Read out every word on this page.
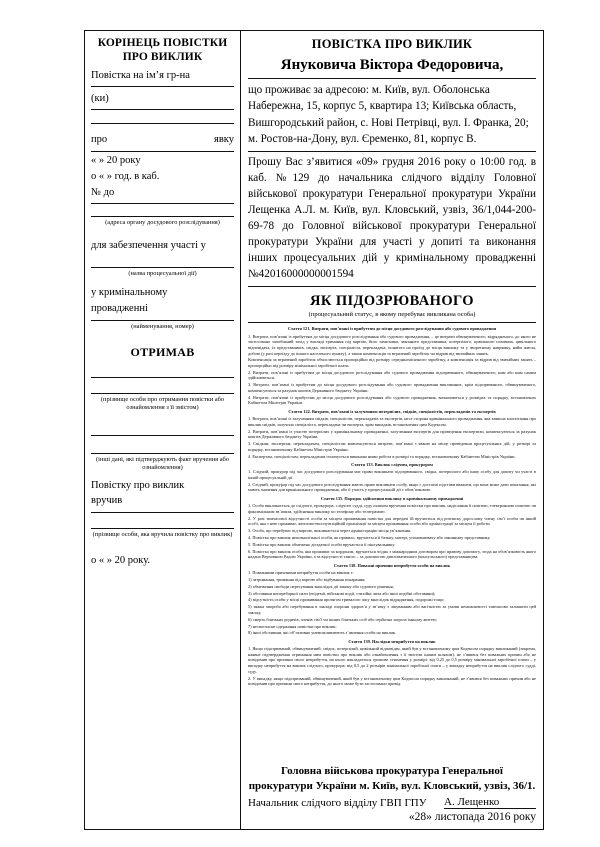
КОРІНЕЦЬ ПОВІСТКИ
ПРО ВИКЛИК
Повістка на ім’я гр-на
(ки)
про	явку
« » 20 року
о « » год. в каб.
№ до
(адреса органу досудового розслідування)
для забезпечення участі у
(назва процесуальної дії)
у кримінальному
провадженні
(найменування, номер)
ОТРИМАВ
(прізвище особи про отримання повістки або ознайомлення з її змістом)
(інші дані, які підтверджують факт вручення або ознайомлення)
Повістку про виклик
вручив
(прізвище особи, яка вручила повістку про виклик)
о « » 20 року.
ПОВІСТКА ПРО ВИКЛИК
Януковича Віктора Федоровича,
що проживає за адресою: м. Київ, вул. Оболонська Набережна, 15, корпус 5, квартира 13; Київська область, Вишгородський район, с. Нові Петрівці, вул. І. Франка, 20; м. Ростов-на-Дону, вул. Єременко, 81, корпус В.
Прошу Вас з’явитися «09» грудня 2016 року о 10:00 год. в каб. №129 до начальника слідчого відділу Головної військової прокуратури Генеральної прокуратури України Лещенка А.Л. м. Київ, вул. Кловський, узвіз, 36/1,044-200-69-78 до Головної військової прокуратури Генеральної прокуратури України для участі у допиті та виконання інших процесуальних дій у кримінальному провадженні №42016000000001594
ЯК ПІДОЗРЮВАНОГО
(процесуальний статус, в якому перебуває викликана особа)

Стаття 121. Витрати, пов’язані із прибуттям до місця досудового розслідування або судового провадження

1. Витрати, пов’язані із прибуттям до місця досудового розслідування або судового провадження, – це витрати обвинуваченого, відрядженого, до якого не застосовано запобіжний захід у вигляді тримання під вартою, його захисника, законного представника, потерпілого, цивільного позивача, цивільного відповідача, їх представників, свідка, експерта, спеціаліста, перекладача, понятого на проїзд до місця виклику та у зворотному напрямку, найм житла, добові (у разі переїзду до іншого населеного пункту), а також компенсація за втрачений заробіток чи відрив від звичайних занять.

Компенсація за втрачений заробіток обчислюється пропорційно від розміру середньомісячного заробітку, а компенсація за відрив від звичайних занять – пропорційно від розміру мінімальної заробітної плати.

2. Витрати, пов’язані із прибуттям до місця досудового розслідування або судового провадження підозрюваного, обвинуваченого, ним або ним самим здійснюються.

3. Витрати, пов’язані із прибуттям до місця досудового розслідування або судового провадження викликаних, крім підозрюваного, обвинуваченого, компенсуються за рахунок коштів Державного бюджету України.

4. Витрати, пов’язані із прибуттям до місця досудового розслідування або судового провадження, визначаються у розмірах та порядку, встановлених Кабінетом Міністрів України.

Стаття 122. Витрати, пов’язані із залученням потерпілих, свідків, спеціалістів, перекладачів та експертів

1. Витрати, пов’язані із залученням свідків, спеціалістів, перекладачів та експертів, несе сторона кримінального провадження, яка заявила клопотання про виклик свідків, залучила спеціаліста, перекладача чи експерта, крім випадків, встановлених цим Кодексом.

2. Витрати, пов’язані із участю потерпілих у кримінальному провадженні, залученням експертів для проведення експертизи, компенсуються за рахунок коштів Державного бюджету України.

3. Свідкам, експертам, перекладачам, спеціалістам компенсуються витрати, пов’язані з явкою на місце проведення процесуальних дій, у розмірі та порядку, встановленому Кабінетом Міністрів України.

4. Експертам, спеціалістам, перекладачам оплачується виконана ними робота в розмірі та порядку, встановленому Кабінетом Міністрів України.

Стаття 133. Виклик слідчим, прокурором

1. Слідчий, прокурор під час досудового розслідування має право викликати підозрюваного, свідка, потерпілого або іншу особу для допиту чи участі в іншій процесуальній дії.

2. Слідчий, прокурор під час досудового розслідування мають право викликати особу, якщо є достатні підстави вважати, що вона може дати показання, які мають значення для кримінального провадження, або її участь у процесуальній дії є обов’язковою.

Стаття 135. Порядок здійснення виклику в кримінальному провадженні

1. Особа викликається до слідчого, прокурора, слідчого судді, суду шляхом вручення повістки про виклик, надіслання її поштою, електронною поштою чи факсимільним зв’язком, здійснення виклику по телефону або телеграмою.

2. У разі тимчасової відсутності особи за місцем проживання повістка для передачі їй вручається під розписку дорослому члену сім’ї особи чи іншій особі, яка з нею проживає, житлово-експлуатаційній організації за місцем проживання особи або адміністрації за місцем її роботи.

3. Особа, що перебуває під вартою, викликається через адміністрацію місця ув’язнення.

4. Повістка про виклик неповнолітньої особи, як правило, вручається її батьку, матері, усиновлювачу або законному представнику.

5. Повістка про виклик обмежено дієздатної особи вручається її піклувальнику.

6. Повістка про виклик особи, яка проживає за кордоном, вручається згідно з міжнародним договором про правову допомогу, згода на обов’язковість якого надана Верховною Радою України, а за відсутності такого – за допомогою дипломатичного (консульського) представництва.

Стаття 138. Поважні причини неприбуття особи на виклик

1. Поважними причинами неприбуття особи на виклик є:

1) затримання, тримання під вартою або відбування покарання;

2) обмеження свободи пересування внаслідок дії закону або судового рішення;

3) обставини непереборної сили (епідемії, військові події, стихійні лиха або інші подібні обставини);

4) відсутність особи у місці проживання протягом тривалого часу внаслідок відрядження, подорожі тощо;

5) тяжка хвороба або перебування в закладі охорони здоров’я у зв’язку з лікуванням або вагітністю за умови неможливості тимчасово залишити цей заклад;

6) смерть близьких родичів, членів сім’ї чи інших близьких осіб або серйозна загроза їхньому життю;

7) несвоєчасне одержання повістки про виклик;

8) інші обставини, які об’єктивно унеможливлюють з’явлення особи на виклик.

Стаття 139. Наслідки неприбуття на виклик

1. Якщо підозрюваний, обвинувачений, свідок, потерпілий, цивільний відповідач, який був у встановленому цим Кодексом порядку викликаний (зокрема, наявне підтвердження отримання ним повістки про виклик або ознайомлення з її змістом іншим шляхом), не з’явився без поважних причин або не повідомив про причини свого неприбуття, на нього накладається грошове стягнення у розмірі: від 0,25 до 0,5 розміру мінімальної заробітної плати – у випадку неприбуття на виклик слідчого, прокурора; від 0,5 до 2 розмірів мінімальної заробітної плати – у випадку неприбуття на виклик слідчого судді, суду.

2. У випадку, якщо підозрюваний, обвинувачений, який був у встановленому цим Кодексом порядку викликаний, не з’явився без поважних причин або не повідомив про причини свого неприбуття, до нього може бути застосовано привід.

Головна військова прокуратура Генеральної
прокуратури України м. Київ, вул. Кловський, узвіз, 36/1.
Начальник слідчого відділу ГВП ГПУ А. Лещенко
«28» листопада 2016 року
